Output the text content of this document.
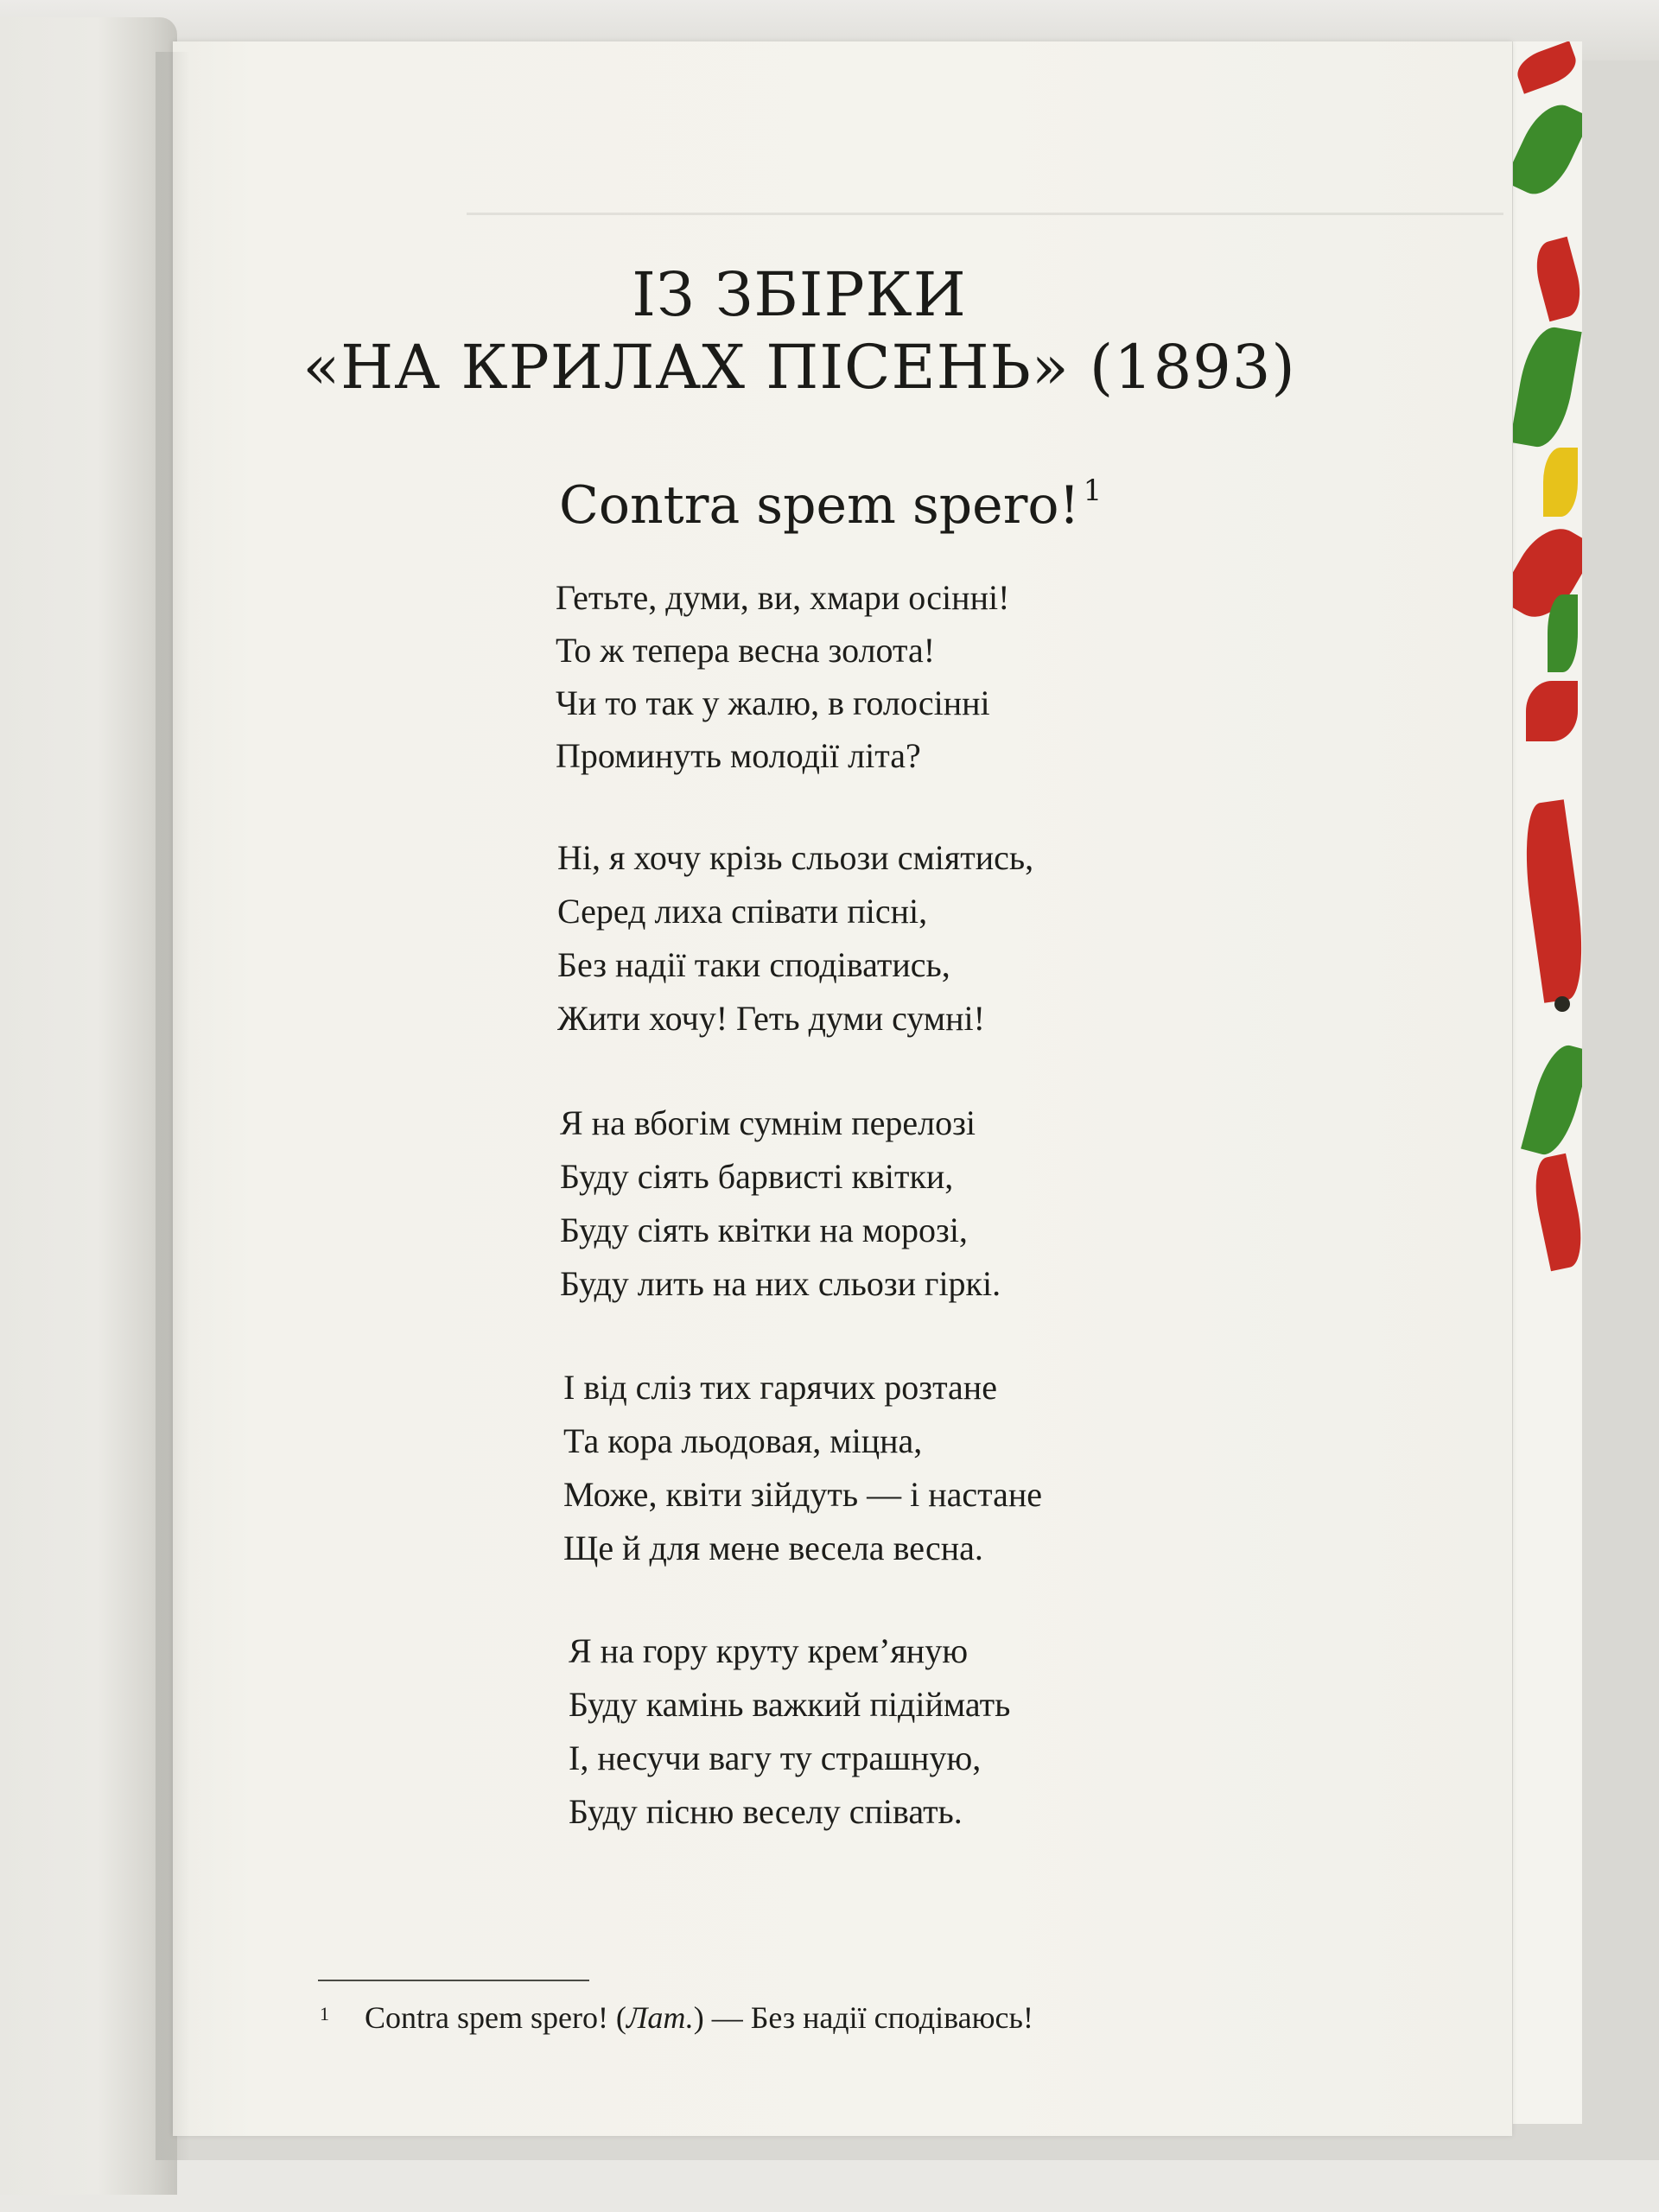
ІЗ ЗБІРКИ
«НА КРИЛАХ ПІСЕНЬ» (1893)
Contra spem spero! $^1$
Гетьте, думи, ви, хмари осінні!
То ж тепера весна золота!
Чи то так у жалю, в голосінні
Проминуть молодії літа?
Ні, я хочу крізь сльози сміятись,
Серед лиха співати пісні,
Без надії таки сподіватись,
Жити хочу! Геть думи сумні!
Я на вбогім сумнім перелозі
Буду сіять барвисті квітки,
Буду сіять квітки на морозі,
Буду лить на них сльози гіркі.
І від сліз тих гарячих розтане
Та кора льодовая, міцна,
Може, квіти зійдуть — і настане
Ще й для мене весела весна.
Я на гору круту крем’яную
Буду камінь важкий підіймать
І, несучи вагу ту страшную,
Буду пісню веселу співать.
1 Contra spem spero! (Лат.) — Без надії сподіваюсь!
